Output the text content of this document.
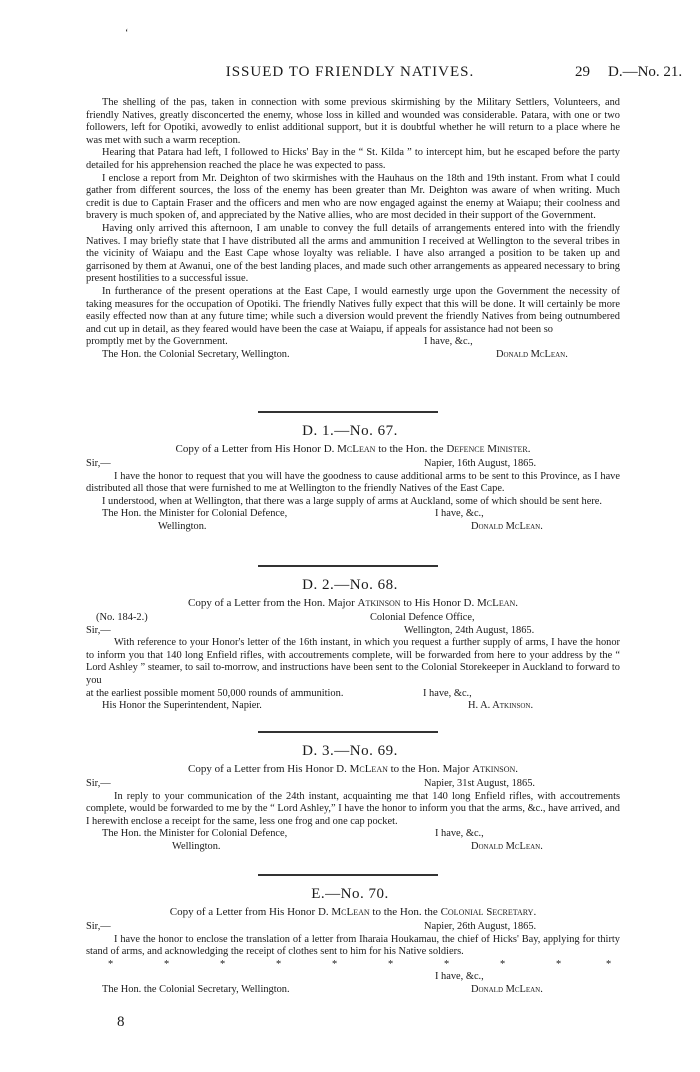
‘
ISSUED TO FRIENDLY NATIVES.	29 D.—No. 21.

The shelling of the pas, taken in connection with some previous skirmishing by the Military Settlers, Volunteers, and friendly Natives, greatly disconcerted the enemy, whose loss in killed and wounded was considerable. Patara, with one or two followers, left for Opotiki, avowedly to enlist additional support, but it is doubtful whether he will return to a place where he was met with such a warm reception.

Hearing that Patara had left, I followed to Hicks' Bay in the “ St. Kilda ” to intercept him, but he escaped before the party detailed for his apprehension reached the place he was expected to pass.

I enclose a report from Mr. Deighton of two skirmishes with the Hauhaus on the 18th and 19th instant. From what I could gather from different sources, the loss of the enemy has been greater than Mr. Deighton was aware of when writing. Much credit is due to Captain Fraser and the officers and men who are now engaged against the enemy at Waiapu; their coolness and bravery is much spoken of, and appreciated by the Native allies, who are most decided in their support of the Government.

Having only arrived this afternoon, I am unable to convey the full details of arrangements entered into with the friendly Natives. I may briefly state that I have distributed all the arms and ammunition I received at Wellington to the several tribes in the vicinity of Waiapu and the East Cape whose loyalty was reliable. I have also arranged a position to be taken up and garrisoned by them at Awanui, one of the best landing places, and made such other arrangements as appeared necessary to bring present hostilities to a successful issue.

In furtherance of the present operations at the East Cape, I would earnestly urge upon the Government the necessity of taking measures for the occupation of Opotiki. The friendly Natives fully expect that this will be done. It will certainly be more easily effected now than at any future time; while such a diversion would prevent the friendly Natives from being outnumbered and cut up in detail, as they feared would have been the case at Waiapu, if appeals for assistance had not been so

promptly met by the Government.	I have, &c.,
The Hon. the Colonial Secretary, Wellington.	Donald McLean.
D. 1.—No. 67.
Copy of a Letter from His Honor D. McLean to the Hon. the Defence Minister.
Sir,—	Napier, 16th August, 1865.

I have the honor to request that you will have the goodness to cause additional arms to be sent to this Province, as I have distributed all those that were furnished to me at Wellington to the friendly Natives of the East Cape.

I understood, when at Wellington, that there was a large supply of arms at Auckland, some of which should be sent here.

The Hon. the Minister for Colonial Defence,	I have, &c.,
Wellington.	Donald McLean.
D. 2.—No. 68.
Copy of a Letter from the Hon. Major Atkinson to His Honor D. McLean.
(No. 184-2.)	Colonial Defence Office,
Sir,—	Wellington, 24th August, 1865.

With reference to your Honor's letter of the 16th instant, in which you request a further supply of arms, I have the honor to inform you that 140 long Enfield rifles, with accoutrements complete, will be forwarded from here to your address by the “ Lord Ashley ” steamer, to sail to-morrow, and instructions have been sent to the Colonial Storekeeper in Auckland to forward to you

at the earliest possible moment 50,000 rounds of ammunition.	I have, &c.,
His Honor the Superintendent, Napier.	H. A. Atkinson.
D. 3.—No. 69.
Copy of a Letter from His Honor D. McLean to the Hon. Major Atkinson.
Sir,—	Napier, 31st August, 1865.

In reply to your communication of the 24th instant, acquainting me that 140 long Enfield rifles, with accoutrements complete, would be forwarded to me by the “ Lord Ashley,” I have the honor to inform you that the arms, &c., have arrived, and I herewith enclose a receipt for the same, less one frog and one cap pocket.

The Hon. the Minister for Colonial Defence,	I have, &c.,
Wellington.	Donald McLean.
E.—No. 70.
Copy of a Letter from His Honor D. McLean to the Hon. the Colonial Secretary.
Sir,—	Napier, 26th August, 1865.

I have the honor to enclose the translation of a letter from Iharaia Houkamau, the chief of Hicks' Bay, applying for thirty stand of arms, and acknowledging the receipt of clothes sent to him for his Native soldiers.

*	*	*	*	*	*	*	*	*	*
I have, &c.,
The Hon. the Colonial Secretary, Wellington.	Donald McLean.
8
